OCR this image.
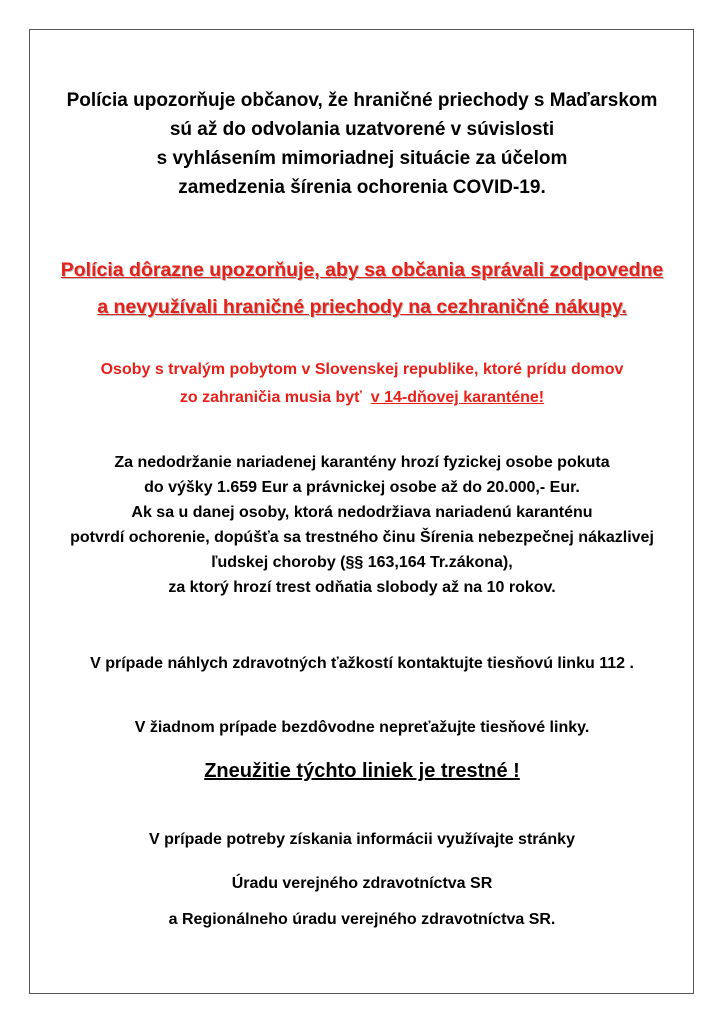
Polícia upozorňuje občanov, že hraničné priechody s Maďarskom
sú až do odvolania uzatvorené v súvislosti
s vyhlásením mimoriadnej situácie za účelom
zamedzenia šírenia ochorenia COVID-19.
Polícia dôrazne upozorňuje, aby sa občania správali zodpovedne
a nevyužívali hraničné priechody na cezhraničné nákupy.
Osoby s trvalým pobytom v Slovenskej republike, ktoré prídu domov
zo zahraničia musia byť  v 14-dňovej karanténe!
Za nedodržanie nariadenej karantény hrozí fyzickej osobe pokuta
do výšky 1.659 Eur a právnickej osobe až do 20.000,- Eur.
Ak sa u danej osoby, ktorá nedodržiava nariadenú karanténu
potvrdí ochorenie, dopúšťa sa trestného činu Šírenia nebezpečnej nákazlivej
ľudskej choroby (§§ 163,164 Tr.zákona),
za ktorý hrozí trest odňatia slobody až na 10 rokov.
V prípade náhlych zdravotných ťažkostí kontaktujte tiesňovú linku 112 .
V žiadnom prípade bezdôvodne nepreťažujte tiesňové linky.
Zneužitie týchto liniek je trestné !
V prípade potreby získania informácii využívajte stránky
Úradu verejného zdravotníctva SR
a Regionálneho úradu verejného zdravotníctva SR.
